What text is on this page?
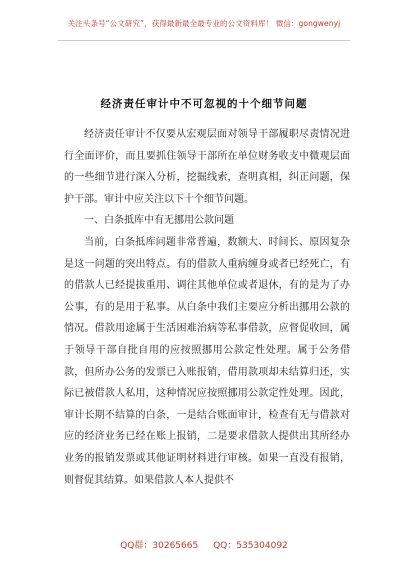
关注头条号“公文研究”，获得最新最全最专业的公文资料库！ 微信：gongwenyj
经济责任审计中不可忽视的十个细节问题

经济责任审计不仅要从宏观层面对领导干部履职尽责情况进行全面评价，而且要抓住领导干部所在单位财务收支中微观层面的一些细节进行深入分析，挖掘线索，查明真相，纠正问题，保护干部。审计中应关注以下十个细节问题。

一、白条抵库中有无挪用公款问题

当前，白条抵库问题非常普遍，数额大、时间长、原因复杂是这一问题的突出特点。有的借款人重病缠身或者已经死亡，有的借款人已经提拔重用、调往其他单位或者退休，有的是为了办公事，有的是用于私事。从白条中我们主要应分析出挪用公款的情况。借款用途属于生活困难治病等私事借款，应督促收回，属于领导干部自批自用的应按照挪用公款定性处理。属于公务借款，但所办公务的发票已入账报销，借用款项却未结算归还，实际已被借款人私用，这种情况应按照挪用公款定性处理。因此，审计长期不结算的白条，一是结合账面审计，检查有无与借款对应的经济业务已经在账上报销，二是要求借款人提供出其所经办业务的报销发票或其他证明材料进行审核。如果一直没有报销，则督促其结算。如果借款人本人提供不

QQ群：30265665 QQ：535304092
